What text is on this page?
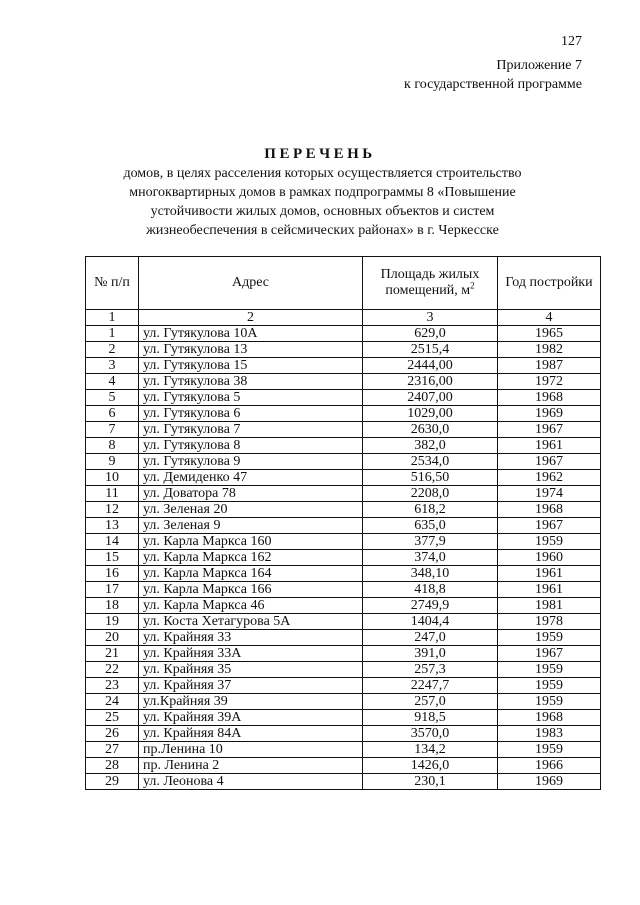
127
Приложение 7
к государственной программе
ПЕРЕЧЕНЬ
домов, в целях расселения которых осуществляется строительство многоквартирных домов в рамках подпрограммы 8 «Повышение устойчивости жилых домов, основных объектов и систем жизнеобеспечения в сейсмических районах» в г. Черкесске
№ п/п	Адрес	Площадь жилых помещений, $м^2$	Год постройки
1	2	3	4
1	ул. Гутякулова 10А	629,0	1965
2	ул. Гутякулова 13	2515,4	1982
3	ул. Гутякулова 15	2444,00	1987
4	ул. Гутякулова 38	2316,00	1972
5	ул. Гутякулова 5	2407,00	1968
6	ул. Гутякулова 6	1029,00	1969
7	ул. Гутякулова 7	2630,0	1967
8	ул. Гутякулова 8	382,0	1961
9	ул. Гутякулова 9	2534,0	1967
10	ул. Демиденко 47	516,50	1962
11	ул. Доватора 78	2208,0	1974
12	ул. Зеленая 20	618,2	1968
13	ул. Зеленая 9	635,0	1967
14	ул. Карла Маркса 160	377,9	1959
15	ул. Карла Маркса 162	374,0	1960
16	ул. Карла Маркса 164	348,10	1961
17	ул. Карла Маркса 166	418,8	1961
18	ул. Карла Маркса 46	2749,9	1981
19	ул. Коста Хетагурова 5А	1404,4	1978
20	ул. Крайняя 33	247,0	1959
21	ул. Крайняя 33А	391,0	1967
22	ул. Крайняя 35	257,3	1959
23	ул. Крайняя 37	2247,7	1959
24	ул.Крайняя 39	257,0	1959
25	ул. Крайняя 39А	918,5	1968
26	ул. Крайняя 84А	3570,0	1983
27	пр.Ленина 10	134,2	1959
28	пр. Ленина 2	1426,0	1966
29	ул. Леонова 4	230,1	1969
